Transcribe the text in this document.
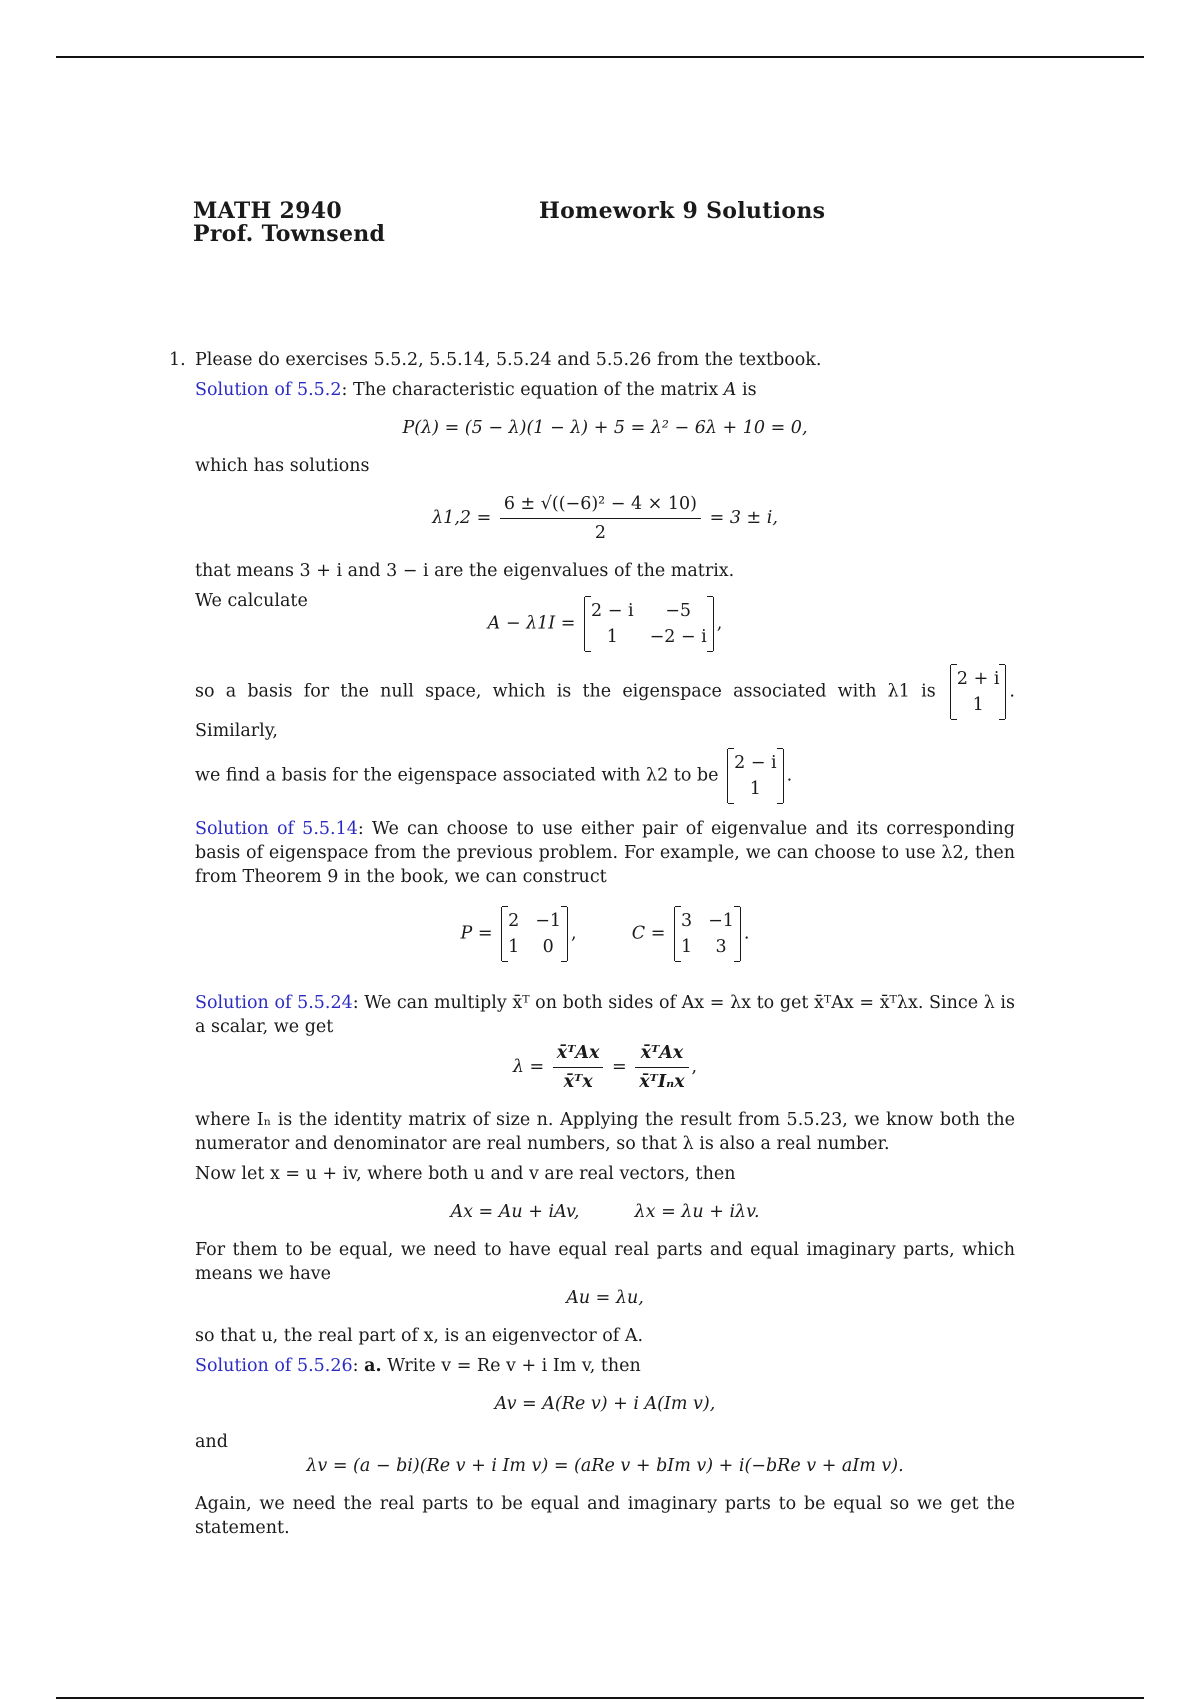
MATH 2940
Prof. Townsend
Homework 9 Solutions

1. Please do exercises 5.5.2, 5.5.14, 5.5.24 and 5.5.26 from the textbook.

Solution of 5.5.2: The characteristic equation of the matrix A is

P(λ) = (5 − λ)(1 − λ) + 5 = λ² − 6λ + 10 = 0,

which has solutions

$\lambda 1,2 = \frac{\text{6 ± √((−6)² − 4 × 10)}}{2} = 3 \pm i$,

that means 3 + i and 3 − i are the eigenvalues of the matrix.

We calculate

A − λ1I =
2 − i	−5
1	−2 − i
,

so a basis for the null space, which is the eigenspace associated with λ1 is
2 + i
1
. Similarly,

we find a basis for the eigenspace associated with λ2 to be
2 − i
1
.

Solution of 5.5.14: We can choose to use either pair of eigenvalue and its corresponding basis of eigenspace from the previous problem. For example, we can choose to use λ2, then from Theorem 9 in the book, we can construct

P =
2 −1
1	0
,	C =
3 −1
1	3
.

Solution of 5.5.24: We can multiply x̄ᵀ on both sides of Ax = λx to get x̄ᵀAx = x̄ᵀλx. Since λ is a scalar, we get

$\lambda = \frac{\text{x̄ᵀAx}}{\text{x̄ᵀx}} = \frac{\text{x̄ᵀAx}}{\text{x̄ᵀIₙx}}$ ,

where Iₙ is the identity matrix of size n. Applying the result from 5.5.23, we know both the numerator and denominator are real numbers, so that λ is also a real number.

Now let x = u + iv, where both u and v are real vectors, then

Ax = Au + iAv,	λx = λu + iλv.

For them to be equal, we need to have equal real parts and equal imaginary parts, which means we have

Au = λu,

so that u, the real part of x, is an eigenvector of A.

Solution of 5.5.26: a. Write v = Re v + i Im v, then

Av = A(Re v) + i A(Im v),

and

λv = (a − bi)(Re v + i Im v) = (aRe v + bIm v) + i(−bRe v + aIm v).

Again, we need the real parts to be equal and imaginary parts to be equal so we get the statement.
